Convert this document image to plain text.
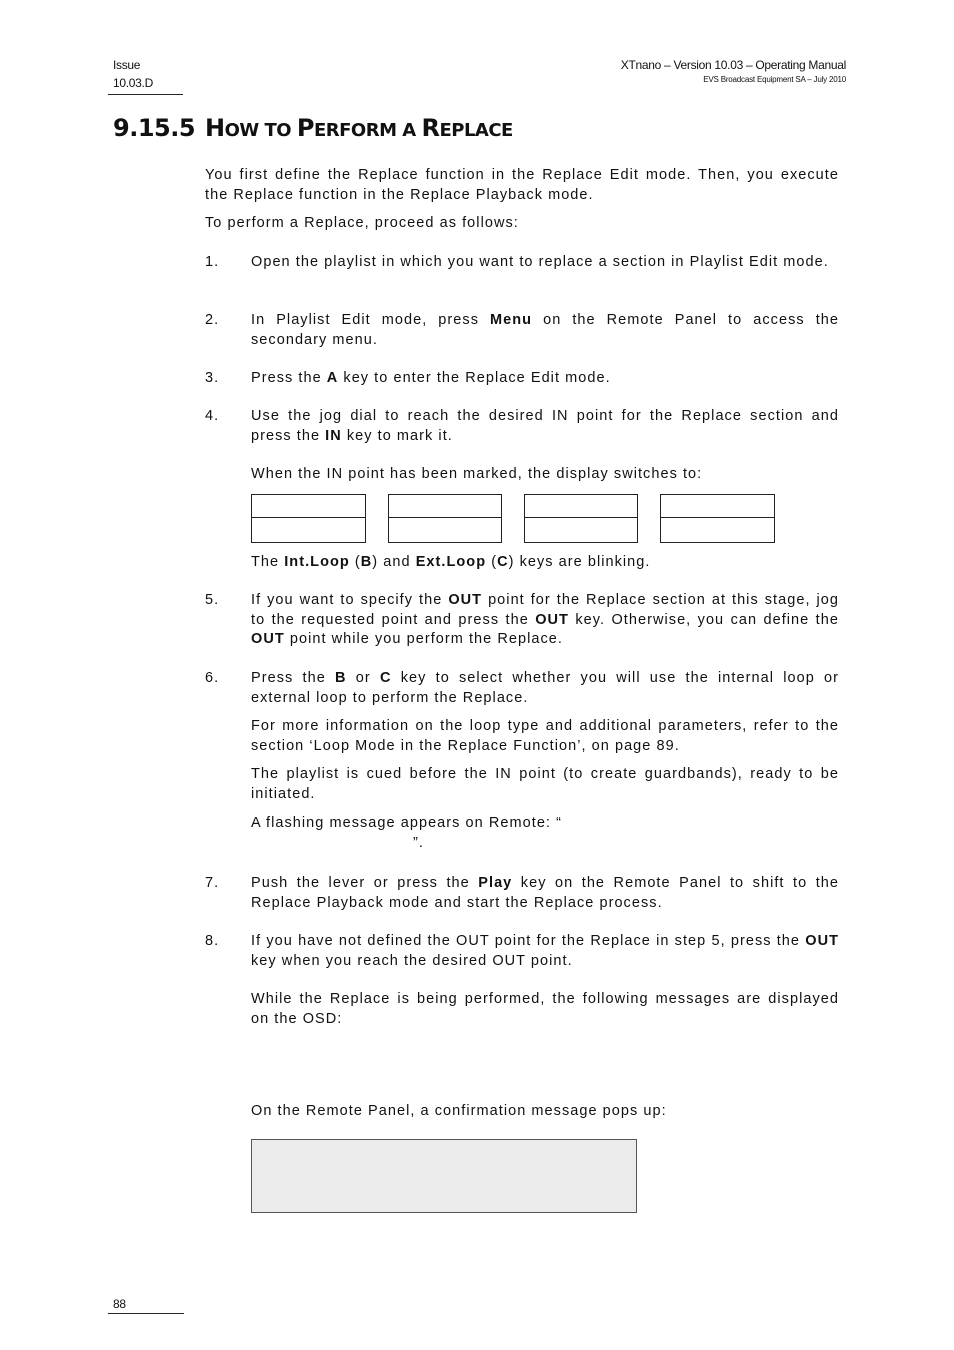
Issue
10.03.D
XTnano – Version 10.03 – Operating Manual
EVS Broadcast Equipment SA – July 2010
9.15.5 HOW TO PERFORM A REPLACE
You first define the Replace function in the Replace Edit mode. Then, you execute the Replace function in the Replace Playback mode.
To perform a Replace, proceed as follows:
1.	Open the playlist in which you want to replace a section in Playlist Edit mode.
2.	In Playlist Edit mode, press Menu on the Remote Panel to access the secondary menu.
3.	Press the A key to enter the Replace Edit mode.
4.	Use the jog dial to reach the desired IN point for the Replace section and press the IN key to mark it.
When the IN point has been marked, the display switches to:
The Int.Loop (B) and Ext.Loop (C) keys are blinking.
5.	If you want to specify the OUT point for the Replace section at this stage, jog to the requested point and press the OUT key. Otherwise, you can define the OUT point while you perform the Replace.
6.	Press the B or C key to select whether you will use the internal loop or external loop to perform the Replace.
For more information on the loop type and additional parameters, refer to the section ‘Loop Mode in the Replace Function’, on page 89.
The playlist is cued before the IN point (to create guardbands), ready to be initiated.
A flashing message appears on Remote: “
”.
7.	Push the lever or press the Play key on the Remote Panel to shift to the Replace Playback mode and start the Replace process.
8.	If you have not defined the OUT point for the Replace in step 5, press the OUT key when you reach the desired OUT point.
While the Replace is being performed, the following messages are displayed on the OSD:
On the Remote Panel, a confirmation message pops up:
88
